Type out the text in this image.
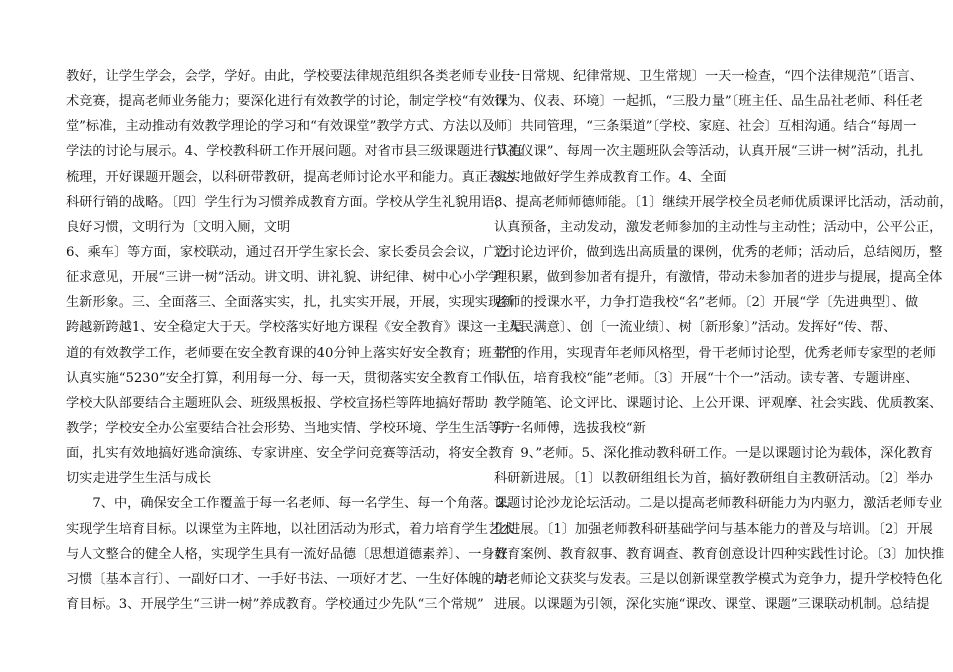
教好，让学生学会，会学，学好。由此，学校要法律规范组织各类老师专业技
术竞赛，提高老师业务能力；要深化进行有效教学的讨论，制定学校“有效课
堂”标准，主动推动有效教学理论的学习和“有效课堂”教学方式、方法以及
学法的讨论与展示。4、学校教科研工作开展问题。对省市县三级课题进行认真
梳理，开好课题开题会，以科研带教研，提高老师讨论水平和能力。真正表达
科研行销的战略。〔四〕学生行为习惯养成教育方面。学校从学生礼貌用语，
良好习惯，文明行为〔文明入厕，文明
6、乘车〕等方面，家校联动，通过召开学生家长会、家长委员会会议，广泛
征求意见，开展“三讲一树”活动。讲文明、讲礼貌、讲纪律、树中心小学学
生新形象。三、全面落三、全面落实实，扎，扎实实开展，开展，实现实现新
跨越新跨越1、安全稳定大于天。学校落实好地方课程《安全教育》课这一主渠
道的有效教学工作，老师要在安全教育课的40分钟上落实好安全教育；班主任
认真实施“5230”安全打算，利用每一分、每一天，贯彻落实安全教育工作；
学校大队部要结合主题班队会、班级黑板报、学校宣扬栏等阵地搞好帮助
教学；学校安全办公室要结合社会形势、当地实情、学校环境、学生生活等方
面，扎实有效地搞好逃命演练、专家讲座、安全学问竞赛等活动，将安全教育
切实走进学生生活与成长
　　7、中，确保安全工作覆盖于每一名老师、每一名学生、每一个角落。2、
实现学生培育目标。以课堂为主阵地，以社团活动为形式，着力培育学生艺术
与人文整合的健全人格，实现学生具有一流好品德〔思想道德素养〕、一身好
习惯〔基本言行〕、一副好口才、一手好书法、一项好才艺、一生好体魄的培
育目标。3、开展学生“三讲一树”养成教育。学校通过少先队“三个常规”
〔一日常规、纪律常规、卫生常规〕一天一检查，“四个法律规范”〔语言、
行为、仪表、环境〕一起抓，“三股力量”〔班主任、品生品社老师、科任老
师〕共同管理，“三条渠道”〔学校、家庭、社会〕互相沟通。结合“每周一
节礼仪课”、每周一次主题班队会等活动，认真开展“三讲一树”活动，扎扎
实实地做好学生养成教育工作。4、全面
8、提高老师师德师能。〔1〕继续开展学校全员老师优质课评比活动，活动前，
认真预备，主动发动，激发老师参加的主动性与主动性；活动中，公平公正，
边讨论边评价，做到选出高质量的课例，优秀的老师；活动后，总结阅历，整
理积累，做到参加者有提升，有激情，带动未参加者的进步与提展，提高全体
老师的授课水平，力争打造我校“名”老师。〔2〕开展“学〔先进典型〕、做
〔人民满意〕、创〔一流业绩〕、树〔新形象〕”活动。发挥好“传、帮、
带”的作用，实现青年老师风格型，骨干老师讨论型，优秀老师专家型的老师
队伍，培育我校“能”老师。〔3〕开展“十个一”活动。读专著、专题讲座、
教学随笔、论文评比、课题讨论、上公开课、评观摩、社会实践、优质教案、
拜一名师傅，选拔我校“新
　　9、”老师。5、深化推动教科研工作。一是以课题讨论为载体，深化教育
科研新进展。〔1〕以教研组组长为首，搞好教研组自主教研活动。〔2〕举办
课题讨论沙龙论坛活动。二是以提高老师教科研能力为内驱力，激活老师专业
化进展。〔1〕加强老师教科研基础学问与基本能力的普及与培训。〔2〕开展
教育案例、教育叙事、教育调查、教育创意设计四种实践性讨论。〔3〕加快推
动老师论文获奖与发表。三是以创新课堂教学模式为竞争力，提升学校特色化
进展。以课题为引领，深化实施“课改、课堂、课题”三课联动机制。总结提
